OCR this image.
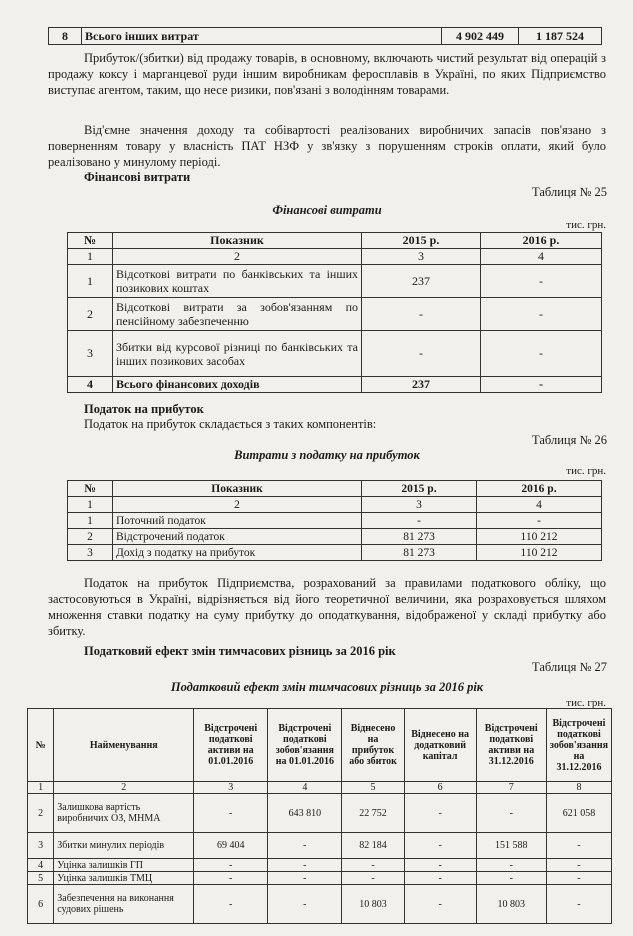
8	Всього інших витрат	4 902 449	1 187 524

Прибуток/(збитки) від продажу товарів, в основному, включають чистий результат від операцій з продажу коксу і марганцевої руди іншим виробникам феросплавів в Україні, по яких Підприємство виступає агентом, таким, що несе ризики, пов'язані з володінням товарами.

Від'ємне значення доходу та собівартості реалізованих виробничих запасів пов'язано з поверненням товару у власність ПАТ НЗФ у зв'язку з порушенням строків оплати, який було реалізовано у минулому періоді.

Фінансові витрати
Таблиця № 25
Фінансові витрати
тис. грн.
№	Показник	2015 р.	2016 р.
1	2	3	4
1	Відсоткові витрати по банківських та інших позикових коштах	237	-
2	Відсоткові витрати за зобов'язанням по пенсійному забезпеченню	-	-
3	Збитки від курсової різниці по банківських та інших позикових засобах	-	-
4	Всього фінансових доходів	237	-
Податок на прибуток
Податок на прибуток складається з таких компонентів:
Таблиця № 26
Витрати з податку на прибуток
тис. грн.
№	Показник	2015 р.	2016 р.
1	2	3	4
1	Поточний податок	-	-
2	Відстрочений податок	81 273	110 212
3	Дохід з податку на прибуток	81 273	110 212

Податок на прибуток Підприємства, розрахований за правилами податкового обліку, що застосовуються в Україні, відрізняється від його теоретичної величини, яка розраховується шляхом множення ставки податку на суму прибутку до оподаткування, відображеної у складі прибутку або збитку.

Податковий ефект змін тимчасових різниць за 2016 рік
Таблиця № 27
Податковий ефект змін тимчасових різниць за 2016 рік
тис. грн.
№	Найменування	Відстрочені податкові активи на 01.01.2016	Відстрочені податкові зобов'язання на 01.01.2016	Віднесено на прибуток або збиток	Віднесено на додатковий капітал	Відстрочені податкові активи на 31.12.2016	Відстрочені податкові зобов'язання на 31.12.2016
1	2	3	4	5	6	7	8
2	Залишкова вартість виробничих ОЗ, МНМА	-	643 810	22 752	-	-	621 058
3	Збитки минулих періодів	69 404	-	82 184	-	151 588	-
4	Уцінка залишків ГП	-	-	-	-	-	-
5	Уцінка залишків ТМЦ	-	-	-	-	-	-
6	Забезпечення на виконання судових рішень	-	-	10 803	-	10 803	-
